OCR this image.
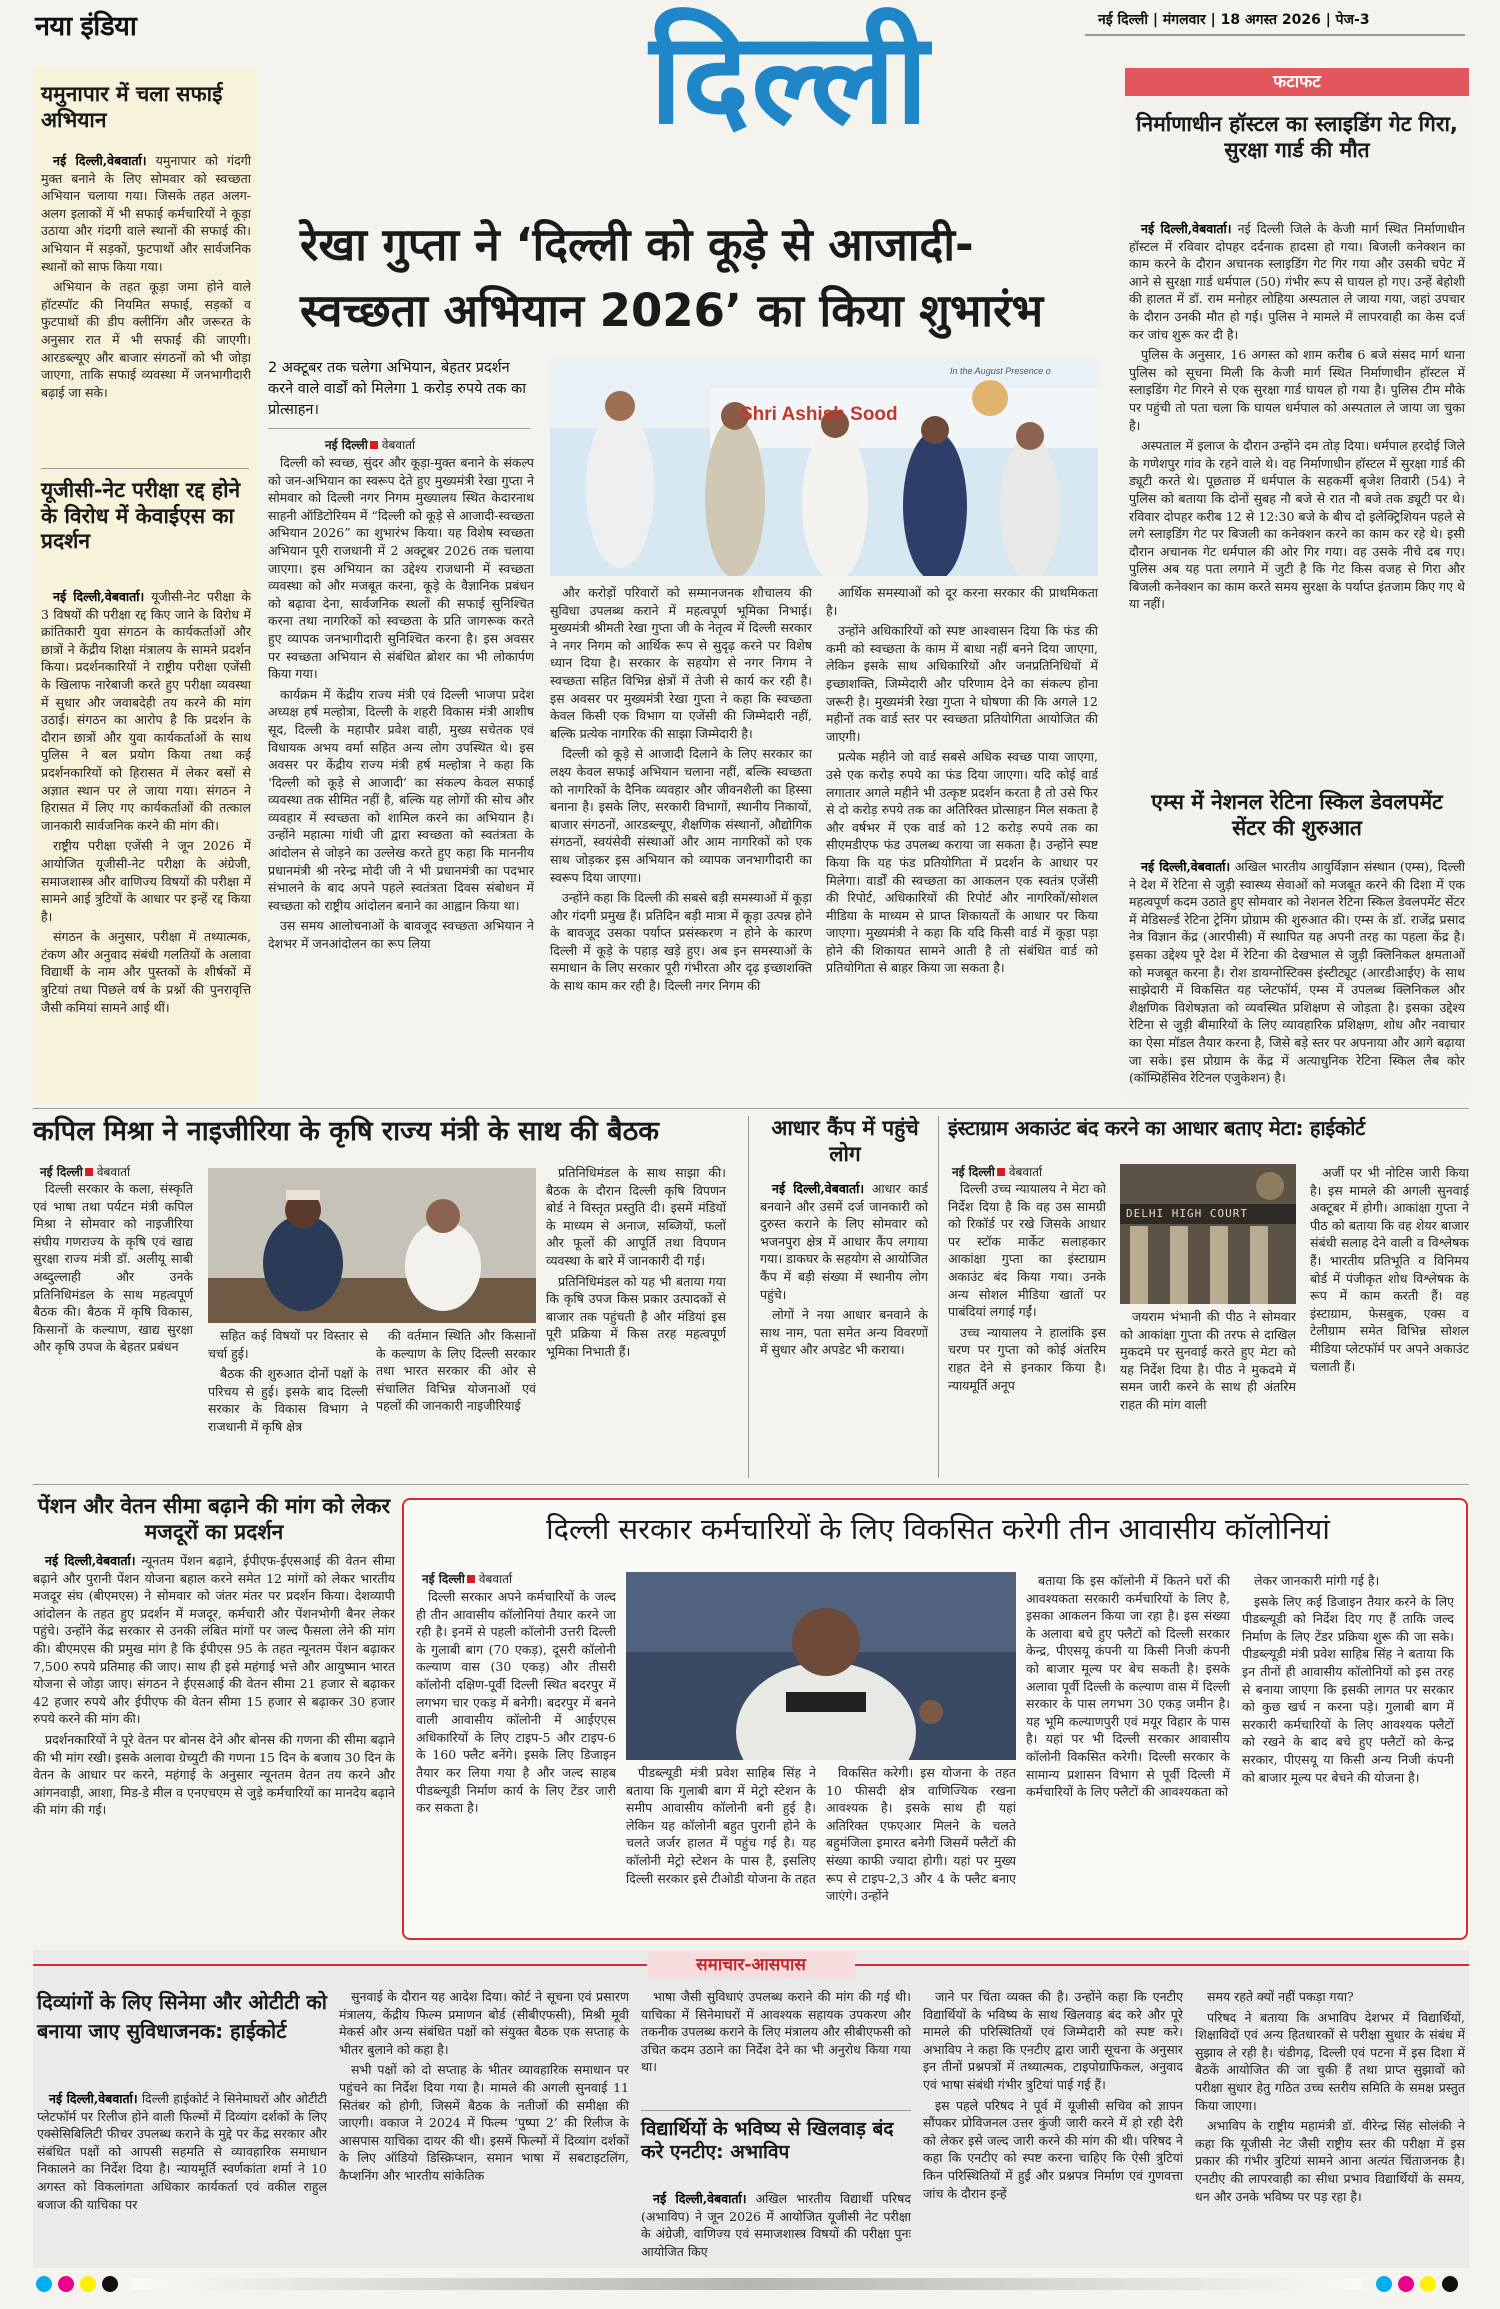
नया इंडिया	नई दिल्ली | मंगलवार | 18 अगस्त 2026 | पेज-3
दिल्ली
यमुनापार में चला सफाई अभियान

नई दिल्ली,वेबवार्ता। यमुनापार को गंदगी मुक्त बनाने के लिए सोमवार को स्वच्छता अभियान चलाया गया। जिसके तहत अलग-अलग इलाकों में भी सफाई कर्मचारियों ने कूड़ा उठाया और गंदगी वाले स्थानों की सफाई की। अभियान में सड़कों, फुटपाथों और सार्वजनिक स्थानों को साफ किया गया।

अभियान के तहत कूड़ा जमा होने वाले हॉटस्पॉट की नियमित सफाई, सड़कों व फुटपाथों की डीप क्लीनिंग और जरूरत के अनुसार रात में भी सफाई की जाएगी। आरडब्ल्यूए और बाजार संगठनों को भी जोड़ा जाएगा, ताकि सफाई व्यवस्था में जनभागीदारी बढ़ाई जा सके।

यूजीसी-नेट परीक्षा रद्द होने के विरोध में केवाईएस का प्रदर्शन

नई दिल्ली,वेबवार्ता। यूजीसी-नेट परीक्षा के 3 विषयों की परीक्षा रद्द किए जाने के विरोध में क्रांतिकारी युवा संगठन के कार्यकर्ताओं और छात्रों ने केंद्रीय शिक्षा मंत्रालय के सामने प्रदर्शन किया। प्रदर्शनकारियों ने राष्ट्रीय परीक्षा एजेंसी के खिलाफ नारेबाजी करते हुए परीक्षा व्यवस्था में सुधार और जवाबदेही तय करने की मांग उठाई। संगठन का आरोप है कि प्रदर्शन के दौरान छात्रों और युवा कार्यकर्ताओं के साथ पुलिस ने बल प्रयोग किया तथा कई प्रदर्शनकारियों को हिरासत में लेकर बसों से अज्ञात स्थान पर ले जाया गया। संगठन ने हिरासत में लिए गए कार्यकर्ताओं की तत्काल जानकारी सार्वजनिक करने की मांग की।

राष्ट्रीय परीक्षा एजेंसी ने जून 2026 में आयोजित यूजीसी-नेट परीक्षा के अंग्रेजी, समाजशास्त्र और वाणिज्य विषयों की परीक्षा में सामने आई त्रुटियों के आधार पर इन्हें रद्द किया है।

संगठन के अनुसार, परीक्षा में तथ्यात्मक, टंकण और अनुवाद संबंधी गलतियों के अलावा विद्यार्थी के नाम और पुस्तकों के शीर्षकों में त्रुटियां तथा पिछले वर्ष के प्रश्नों की पुनरावृत्ति जैसी कमियां सामने आई थीं।

रेखा गुप्ता ने ‘दिल्ली को कूड़े से आजादी-
स्वच्छता अभियान 2026’ का किया शुभारंभ
2 अक्टूबर तक चलेगा अभियान, बेहतर प्रदर्शन करने वाले वार्डों को मिलेगा 1 करोड़ रुपये तक का प्रोत्साहन।
नई दिल्ली वेबवार्ता
Shri Ashish Sood
In the August Presence o

दिल्ली को स्वच्छ, सुंदर और कूड़ा-मुक्त बनाने के संकल्प को जन-अभियान का स्वरूप देते हुए मुख्यमंत्री रेखा गुप्ता ने सोमवार को दिल्ली नगर निगम मुख्यालय स्थित केदारनाथ साहनी ऑडिटोरियम में “दिल्ली को कूड़े से आजादी-स्वच्छता अभियान 2026” का शुभारंभ किया। यह विशेष स्वच्छता अभियान पूरी राजधानी में 2 अक्टूबर 2026 तक चलाया जाएगा। इस अभियान का उद्देश्य राजधानी में स्वच्छता व्यवस्था को और मजबूत करना, कूड़े के वैज्ञानिक प्रबंधन को बढ़ावा देना, सार्वजनिक स्थलों की सफाई सुनिश्चित करना तथा नागरिकों को स्वच्छता के प्रति जागरूक करते हुए व्यापक जनभागीदारी सुनिश्चित करना है। इस अवसर पर स्वच्छता अभियान से संबंधित ब्रोशर का भी लोकार्पण किया गया।

कार्यक्रम में केंद्रीय राज्य मंत्री एवं दिल्ली भाजपा प्रदेश अध्यक्ष हर्ष मल्होत्रा, दिल्ली के शहरी विकास मंत्री आशीष सूद, दिल्ली के महापौर प्रवेश वाही, मुख्य सचेतक एवं विधायक अभय वर्मा सहित अन्य लोग उपस्थित थे। इस अवसर पर केंद्रीय राज्य मंत्री हर्ष मल्होत्रा ने कहा कि ‘दिल्ली को कूड़े से आजादी’ का संकल्प केवल सफाई व्यवस्था तक सीमित नहीं है, बल्कि यह लोगों की सोच और व्यवहार में स्वच्छता को शामिल करने का अभियान है। उन्होंने महात्मा गांधी जी द्वारा स्वच्छता को स्वतंत्रता के आंदोलन से जोड़ने का उल्लेख करते हुए कहा कि माननीय प्रधानमंत्री श्री नरेन्द्र मोदी जी ने भी प्रधानमंत्री का पदभार संभालने के बाद अपने पहले स्वतंत्रता दिवस संबोधन में स्वच्छता को राष्ट्रीय आंदोलन बनाने का आह्वान किया था।

उस समय आलोचनाओं के बावजूद स्वच्छता अभियान ने देशभर में जनआंदोलन का रूप लिया

और करोड़ों परिवारों को सम्मानजनक शौचालय की सुविधा उपलब्ध कराने में महत्वपूर्ण भूमिका निभाई। मुख्यमंत्री श्रीमती रेखा गुप्ता जी के नेतृत्व में दिल्ली सरकार ने नगर निगम को आर्थिक रूप से सुदृढ़ करने पर विशेष ध्यान दिया है। सरकार के सहयोग से नगर निगम ने स्वच्छता सहित विभिन्न क्षेत्रों में तेजी से कार्य कर रही है। इस अवसर पर मुख्यमंत्री रेखा गुप्ता ने कहा कि स्वच्छता केवल किसी एक विभाग या एजेंसी की जिम्मेदारी नहीं, बल्कि प्रत्येक नागरिक की साझा जिम्मेदारी है।

दिल्ली को कूड़े से आजादी दिलाने के लिए सरकार का लक्ष्य केवल सफाई अभियान चलाना नहीं, बल्कि स्वच्छता को नागरिकों के दैनिक व्यवहार और जीवनशैली का हिस्सा बनाना है। इसके लिए, सरकारी विभागों, स्थानीय निकायों, बाजार संगठनों, आरडब्ल्यूए, शैक्षणिक संस्थानों, औद्योगिक संगठनों, स्वयंसेवी संस्थाओं और आम नागरिकों को एक साथ जोड़कर इस अभियान को व्यापक जनभागीदारी का स्वरूप दिया जाएगा।

उन्होंने कहा कि दिल्ली की सबसे बड़ी समस्याओं में कूड़ा और गंदगी प्रमुख हैं। प्रतिदिन बड़ी मात्रा में कूड़ा उत्पन्न होने के बावजूद उसका पर्याप्त प्रसंस्करण न होने के कारण दिल्ली में कूड़े के पहाड़ खड़े हुए। अब इन समस्याओं के समाधान के लिए सरकार पूरी गंभीरता और दृढ़ इच्छाशक्ति के साथ काम कर रही है। दिल्ली नगर निगम की

आर्थिक समस्याओं को दूर करना सरकार की प्राथमिकता है।

उन्होंने अधिकारियों को स्पष्ट आश्वासन दिया कि फंड की कमी को स्वच्छता के काम में बाधा नहीं बनने दिया जाएगा, लेकिन इसके साथ अधिकारियों और जनप्रतिनिधियों में इच्छाशक्ति, जिम्मेदारी और परिणाम देने का संकल्प होना जरूरी है। मुख्यमंत्री रेखा गुप्ता ने घोषणा की कि अगले 12 महीनों तक वार्ड स्तर पर स्वच्छता प्रतियोगिता आयोजित की जाएगी।

प्रत्येक महीने जो वार्ड सबसे अधिक स्वच्छ पाया जाएगा, उसे एक करोड़ रुपये का फंड दिया जाएगा। यदि कोई वार्ड लगातार अगले महीने भी उत्कृष्ट प्रदर्शन करता है तो उसे फिर से दो करोड़ रुपये तक का अतिरिक्त प्रोत्साहन मिल सकता है और वर्षभर में एक वार्ड को 12 करोड़ रुपये तक का सीएमडीएफ फंड उपलब्ध कराया जा सकता है। उन्होंने स्पष्ट किया कि यह फंड प्रतियोगिता में प्रदर्शन के आधार पर मिलेगा। वार्डों की स्वच्छता का आकलन एक स्वतंत्र एजेंसी की रिपोर्ट, अधिकारियों की रिपोर्ट और नागरिकों/सोशल मीडिया के माध्यम से प्राप्त शिकायतों के आधार पर किया जाएगा। मुख्यमंत्री ने कहा कि यदि किसी वार्ड में कूड़ा पड़ा होने की शिकायत सामने आती है तो संबंधित वार्ड को प्रतियोगिता से बाहर किया जा सकता है।

फटाफट
निर्माणाधीन हॉस्टल का स्लाइडिंग गेट गिरा, सुरक्षा गार्ड की मौत

नई दिल्ली,वेबवार्ता। नई दिल्ली जिले के केजी मार्ग स्थित निर्माणाधीन हॉस्टल में रविवार दोपहर दर्दनाक हादसा हो गया। बिजली कनेक्शन का काम करने के दौरान अचानक स्लाइडिंग गेट गिर गया और उसकी चपेट में आने से सुरक्षा गार्ड धर्मपाल (50) गंभीर रूप से घायल हो गए। उन्हें बेहोशी की हालत में डॉ. राम मनोहर लोहिया अस्पताल ले जाया गया, जहां उपचार के दौरान उनकी मौत हो गई। पुलिस ने मामले में लापरवाही का केस दर्ज कर जांच शुरू कर दी है।

पुलिस के अनुसार, 16 अगस्त को शाम करीब 6 बजे संसद मार्ग थाना पुलिस को सूचना मिली कि केजी मार्ग स्थित निर्माणाधीन हॉस्टल में स्लाइडिंग गेट गिरने से एक सुरक्षा गार्ड घायल हो गया है। पुलिस टीम मौके पर पहुंची तो पता चला कि घायल धर्मपाल को अस्पताल ले जाया जा चुका है।

अस्पताल में इलाज के दौरान उन्होंने दम तोड़ दिया। धर्मपाल हरदोई जिले के गणेशपुर गांव के रहने वाले थे। वह निर्माणाधीन हॉस्टल में सुरक्षा गार्ड की ड्यूटी करते थे। पूछताछ में धर्मपाल के सहकर्मी बृजेश तिवारी (54) ने पुलिस को बताया कि दोनों सुबह नौ बजे से रात नौ बजे तक ड्यूटी पर थे। रविवार दोपहर करीब 12 से 12:30 बजे के बीच दो इलेक्ट्रिशियन पहले से लगे स्लाइडिंग गेट पर बिजली का कनेक्शन करने का काम कर रहे थे। इसी दौरान अचानक गेट धर्मपाल की ओर गिर गया। वह उसके नीचे दब गए। पुलिस अब यह पता लगाने में जुटी है कि गेट किस वजह से गिरा और बिजली कनेक्शन का काम करते समय सुरक्षा के पर्याप्त इंतजाम किए गए थे या नहीं।

एम्स में नेशनल रेटिना स्किल डेवलपमेंट सेंटर की शुरुआत

नई दिल्ली,वेबवार्ता। अखिल भारतीय आयुर्विज्ञान संस्थान (एम्स), दिल्ली ने देश में रेटिना से जुड़ी स्वास्थ्य सेवाओं को मजबूत करने की दिशा में एक महत्वपूर्ण कदम उठाते हुए सोमवार को नेशनल रेटिना स्किल डेवलपमेंट सेंटर में मेडिसर्ल्ड रेटिना ट्रेनिंग प्रोग्राम की शुरुआत की। एम्स के डॉ. राजेंद्र प्रसाद नेत्र विज्ञान केंद्र (आरपीसी) में स्थापित यह अपनी तरह का पहला केंद्र है। इसका उद्देश्य पूरे देश में रेटिना की देखभाल से जुड़ी क्लिनिकल क्षमताओं को मजबूत करना है। रोश डायग्नोस्टिक्स इंस्टीट्यूट (आरडीआईए) के साथ साझेदारी में विकसित यह प्लेटफॉर्म, एम्स में उपलब्ध क्लिनिकल और शैक्षणिक विशेषज्ञता को व्यवस्थित प्रशिक्षण से जोड़ता है। इसका उद्देश्य रेटिना से जुड़ी बीमारियों के लिए व्यावहारिक प्रशिक्षण, शोध और नवाचार का ऐसा मॉडल तैयार करना है, जिसे बड़े स्तर पर अपनाया और आगे बढ़ाया जा सके। इस प्रोग्राम के केंद्र में अत्याधुनिक रेटिना स्किल लैब कोर (कॉम्प्रिहेंसिव रेटिनल एजुकेशन) है।

कपिल मिश्रा ने नाइजीरिया के कृषि राज्य मंत्री के साथ की बैठक
नई दिल्ली वेबवार्ता

दिल्ली सरकार के कला, संस्कृति एवं भाषा तथा पर्यटन मंत्री कपिल मिश्रा ने सोमवार को नाइजीरिया संघीय गणराज्य के कृषि एवं खाद्य सुरक्षा राज्य मंत्री डॉ. अलीयू साबी अब्दुल्लाही और उनके प्रतिनिधिमंडल के साथ महत्वपूर्ण बैठक की। बैठक में कृषि विकास, किसानों के कल्याण, खाद्य सुरक्षा और कृषि उपज के बेहतर प्रबंधन

सहित कई विषयों पर विस्तार से चर्चा हुई।

बैठक की शुरुआत दोनों पक्षों के परिचय से हुई। इसके बाद दिल्ली सरकार के विकास विभाग ने राजधानी में कृषि क्षेत्र

की वर्तमान स्थिति और किसानों के कल्याण के लिए दिल्ली सरकार तथा भारत सरकार की ओर से संचालित विभिन्न योजनाओं एवं पहलों की जानकारी नाइजीरियाई

प्रतिनिधिमंडल के साथ साझा की। बैठक के दौरान दिल्ली कृषि विपणन बोर्ड ने विस्तृत प्रस्तुति दी। इसमें मंडियों के माध्यम से अनाज, सब्जियों, फलों और फूलों की आपूर्ति तथा विपणन व्यवस्था के बारे में जानकारी दी गई।

प्रतिनिधिमंडल को यह भी बताया गया कि कृषि उपज किस प्रकार उत्पादकों से बाजार तक पहुंचती है और मंडियां इस पूरी प्रक्रिया में किस तरह महत्वपूर्ण भूमिका निभाती हैं।

आधार कैंप में पहुंचे लोग

नई दिल्ली,वेबवार्ता। आधार कार्ड बनवाने और उसमें दर्ज जानकारी को दुरुस्त कराने के लिए सोमवार को भजनपुरा क्षेत्र में आधार कैंप लगाया गया। डाकघर के सहयोग से आयोजित कैंप में बड़ी संख्या में स्थानीय लोग पहुंचे।

लोगों ने नया आधार बनवाने के साथ नाम, पता समेत अन्य विवरणों में सुधार और अपडेट भी कराया।

इंस्टाग्राम अकाउंट बंद करने का आधार बताए मेटा: हाईकोर्ट
नई दिल्ली वेबवार्ता

दिल्ली उच्च न्यायालय ने मेटा को निर्देश दिया है कि वह उस सामग्री को रिकॉर्ड पर रखे जिसके आधार पर स्टॉक मार्केट सलाहकार आकांक्षा गुप्ता का इंस्टाग्राम अकाउंट बंद किया गया। उनके अन्य सोशल मीडिया खातों पर पाबंदियां लगाई गईं।

उच्च न्यायालय ने हालांकि इस चरण पर गुप्ता को कोई अंतरिम राहत देने से इनकार किया है। न्यायमूर्ति अनूप

DELHI HIGH COURT

जयराम भंभानी की पीठ ने सोमवार को आकांक्षा गुप्ता की तरफ से दाखिल मुकदमे पर सुनवाई करते हुए मेटा को यह निर्देश दिया है। पीठ ने मुकदमे में समन जारी करने के साथ ही अंतरिम राहत की मांग वाली

अर्जी पर भी नोटिस जारी किया है। इस मामले की अगली सुनवाई अक्टूबर में होगी। आकांक्षा गुप्ता ने पीठ को बताया कि वह शेयर बाजार संबंधी सलाह देने वाली व विश्लेषक हैं। भारतीय प्रतिभूति व विनिमय बोर्ड में पंजीकृत शोध विश्लेषक के रूप में काम करती हैं। वह इंस्टाग्राम, फेसबुक, एक्स व टेलीग्राम समेत विभिन्न सोशल मीडिया प्लेटफॉर्म पर अपने अकाउंट चलाती हैं।

पेंशन और वेतन सीमा बढ़ाने की मांग को लेकर मजदूरों का प्रदर्शन

नई दिल्ली,वेबवार्ता। न्यूनतम पेंशन बढ़ाने, ईपीएफ-ईएसआई की वेतन सीमा बढ़ाने और पुरानी पेंशन योजना बहाल करने समेत 12 मांगों को लेकर भारतीय मजदूर संघ (बीएमएस) ने सोमवार को जंतर मंतर पर प्रदर्शन किया। देशव्यापी आंदोलन के तहत हुए प्रदर्शन में मजदूर, कर्मचारी और पेंशनभोगी बैनर लेकर पहुंचे। उन्होंने केंद्र सरकार से उनकी लंबित मांगों पर जल्द फैसला लेने की मांग की। बीएमएस की प्रमुख मांग है कि ईपीएस 95 के तहत न्यूनतम पेंशन बढ़ाकर 7,500 रुपये प्रतिमाह की जाए। साथ ही इसे महंगाई भत्ते और आयुष्मान भारत योजना से जोड़ा जाए। संगठन ने ईएसआई की वेतन सीमा 21 हजार से बढ़ाकर 42 हजार रुपये और ईपीएफ की वेतन सीमा 15 हजार से बढ़ाकर 30 हजार रुपये करने की मांग की।

प्रदर्शनकारियों ने पूरे वेतन पर बोनस देने और बोनस की गणना की सीमा बढ़ाने की भी मांग रखी। इसके अलावा ग्रेच्युटी की गणना 15 दिन के बजाय 30 दिन के वेतन के आधार पर करने, महंगाई के अनुसार न्यूनतम वेतन तय करने और आंगनवाड़ी, आशा, मिड-डे मील व एनएचएम से जुड़े कर्मचारियों का मानदेय बढ़ाने की मांग की गई।

दिल्ली सरकार कर्मचारियों के लिए विकसित करेगी तीन आवासीय कॉलोनियां
नई दिल्ली वेबवार्ता

दिल्ली सरकार अपने कर्मचारियों के जल्द ही तीन आवासीय कॉलोनियां तैयार करने जा रही है। इनमें से पहली कॉलोनी उत्तरी दिल्ली के गुलाबी बाग (70 एकड़), दूसरी कॉलोनी कल्याण वास (30 एकड़) और तीसरी कॉलोनी दक्षिण-पूर्वी दिल्ली स्थित बदरपुर में लगभग चार एकड़ में बनेगी। बदरपुर में बनने वाली आवासीय कॉलोनी में आईएएस अधिकारियों के लिए टाइप-5 और टाइप-6 के 160 फ्लैट बनेंगे। इसके लिए डिजाइन तैयार कर लिया गया है और जल्द साहब पीडब्ल्यूडी निर्माण कार्य के लिए टेंडर जारी कर सकता है।

पीडब्ल्यूडी मंत्री प्रवेश साहिब सिंह ने बताया कि गुलाबी बाग में मेट्रो स्टेशन के समीप आवासीय कॉलोनी बनी हुई है। लेकिन यह कॉलोनी बहुत पुरानी होने के चलते जर्जर हालत में पहुंच गई है। यह कॉलोनी मेट्रो स्टेशन के पास है, इसलिए दिल्ली सरकार इसे टीओडी योजना के तहत

विकसित करेगी। इस योजना के तहत 10 फीसदी क्षेत्र वाणिज्यिक रखना आवश्यक है। इसके साथ ही यहां अतिरिक्त एफएआर मिलने के चलते बहुमंजिला इमारत बनेगी जिसमें फ्लैटों की संख्या काफी ज्यादा होगी। यहां पर मुख्य रूप से टाइप-2,3 और 4 के फ्लैट बनाए जाएंगे। उन्होंने

बताया कि इस कॉलोनी में कितने घरों की आवश्यकता सरकारी कर्मचारियों के लिए है, इसका आकलन किया जा रहा है। इस संख्या के अलावा बचे हुए फ्लैटों को दिल्ली सरकार केन्द्र, पीएसयू कंपनी या किसी निजी कंपनी को बाजार मूल्य पर बेच सकती है। इसके अलावा पूर्वी दिल्ली के कल्याण वास में दिल्ली सरकार के पास लगभग 30 एकड़ जमीन है। यह भूमि कल्याणपुरी एवं मयूर विहार के पास है। यहां पर भी दिल्ली सरकार आवासीय कॉलोनी विकसित करेगी। दिल्ली सरकार के सामान्य प्रशासन विभाग से पूर्वी दिल्ली में कर्मचारियों के लिए फ्लैटों की आवश्यकता को

लेकर जानकारी मांगी गई है।

इसके लिए कई डिजाइन तैयार करने के लिए पीडब्ल्यूडी को निर्देश दिए गए हैं ताकि जल्द निर्माण के लिए टेंडर प्रक्रिया शुरू की जा सके। पीडब्ल्यूडी मंत्री प्रवेश साहिब सिंह ने बताया कि इन तीनों ही आवासीय कॉलोनियों को इस तरह से बनाया जाएगा कि इसकी लागत पर सरकार को कुछ खर्च न करना पड़े। गुलाबी बाग में सरकारी कर्मचारियों के लिए आवश्यक फ्लैटों को रखने के बाद बचे हुए फ्लैटों को केन्द्र सरकार, पीएसयू या किसी अन्य निजी कंपनी को बाजार मूल्य पर बेचने की योजना है।

समाचार-आसपास
दिव्यांगों के लिए सिनेमा और ओटीटी को बनाया जाए सुविधाजनक: हाईकोर्ट

नई दिल्ली,वेबवार्ता। दिल्ली हाईकोर्ट ने सिनेमाघरों और ओटीटी प्लेटफॉर्म पर रिलीज होने वाली फिल्मों में दिव्यांग दर्शकों के लिए एक्सेसिबिलिटी फीचर उपलब्ध कराने के मुद्दे पर केंद्र सरकार और संबंधित पक्षों को आपसी सहमति से व्यावहारिक समाधान निकालने का निर्देश दिया है। न्यायमूर्ति स्वर्णकांता शर्मा ने 10 अगस्त को विकलांगता अधिकार कार्यकर्ता एवं वकील राहुल बजाज की याचिका पर

सुनवाई के दौरान यह आदेश दिया। कोर्ट ने सूचना एवं प्रसारण मंत्रालय, केंद्रीय फिल्म प्रमाणन बोर्ड (सीबीएफसी), मिश्री मूवी मेकर्स और अन्य संबंधित पक्षों को संयुक्त बैठक एक सप्ताह के भीतर बुलाने को कहा है।

सभी पक्षों को दो सप्ताह के भीतर व्यावहारिक समाधान पर पहुंचने का निर्देश दिया गया है। मामले की अगली सुनवाई 11 सितंबर को होगी, जिसमें बैठक के नतीजों की समीक्षा की जाएगी। वकाज ने 2024 में फिल्म ‘पुष्पा 2’ की रिलीज के आसपास याचिका दायर की थी। इसमें फिल्मों में दिव्यांग दर्शकों के लिए ऑडियो डिस्क्रिप्शन, समान भाषा में सबटाइटलिंग, कैप्शनिंग और भारतीय सांकेतिक

भाषा जैसी सुविधाएं उपलब्ध कराने की मांग की गई थी। याचिका में सिनेमाघरों में आवश्यक सहायक उपकरण और तकनीक उपलब्ध कराने के लिए मंत्रालय और सीबीएफसी को उचित कदम उठाने का निर्देश देने का भी अनुरोध किया गया था।

विद्यार्थियों के भविष्य से खिलवाड़ बंद करे एनटीए: अभाविप

नई दिल्ली,वेबवार्ता। अखिल भारतीय विद्यार्थी परिषद (अभाविप) ने जून 2026 में आयोजित यूजीसी नेट परीक्षा के अंग्रेजी, वाणिज्य एवं समाजशास्त्र विषयों की परीक्षा पुनः आयोजित किए

जाने पर चिंता व्यक्त की है। उन्होंने कहा कि एनटीए विद्यार्थियों के भविष्य के साथ खिलवाड़ बंद करे और पूरे मामले की परिस्थितियों एवं जिम्मेदारी को स्पष्ट करे। अभाविप ने कहा कि एनटीए द्वारा जारी सूचना के अनुसार इन तीनों प्रश्नपत्रों में तथ्यात्मक, टाइपोग्राफिकल, अनुवाद एवं भाषा संबंधी गंभीर त्रुटियां पाई गई हैं।

इस पहले परिषद ने पूर्व में यूजीसी सचिव को ज्ञापन सौंपकर प्रोविजनल उत्तर कुंजी जारी करने में हो रही देरी को लेकर इसे जल्द जारी करने की मांग की थी। परिषद ने कहा कि एनटीए को स्पष्ट करना चाहिए कि ऐसी त्रुटियां किन परिस्थितियों में हुईं और प्रश्नपत्र निर्माण एवं गुणवत्ता जांच के दौरान इन्हें

समय रहते क्यों नहीं पकड़ा गया?

परिषद ने बताया कि अभाविप देशभर में विद्यार्थियों, शिक्षाविदों एवं अन्य हितधारकों से परीक्षा सुधार के संबंध में सुझाव ले रही है। चंडीगढ़, दिल्ली एवं पटना में इस दिशा में बैठकें आयोजित की जा चुकी हैं तथा प्राप्त सुझावों को परीक्षा सुधार हेतु गठित उच्च स्तरीय समिति के समक्ष प्रस्तुत किया जाएगा।

अभाविप के राष्ट्रीय महामंत्री डॉ. वीरेन्द्र सिंह सोलंकी ने कहा कि यूजीसी नेट जैसी राष्ट्रीय स्तर की परीक्षा में इस प्रकार की गंभीर त्रुटियां सामने आना अत्यंत चिंताजनक है। एनटीए की लापरवाही का सीधा प्रभाव विद्यार्थियों के समय, धन और उनके भविष्य पर पड़ रहा है।
